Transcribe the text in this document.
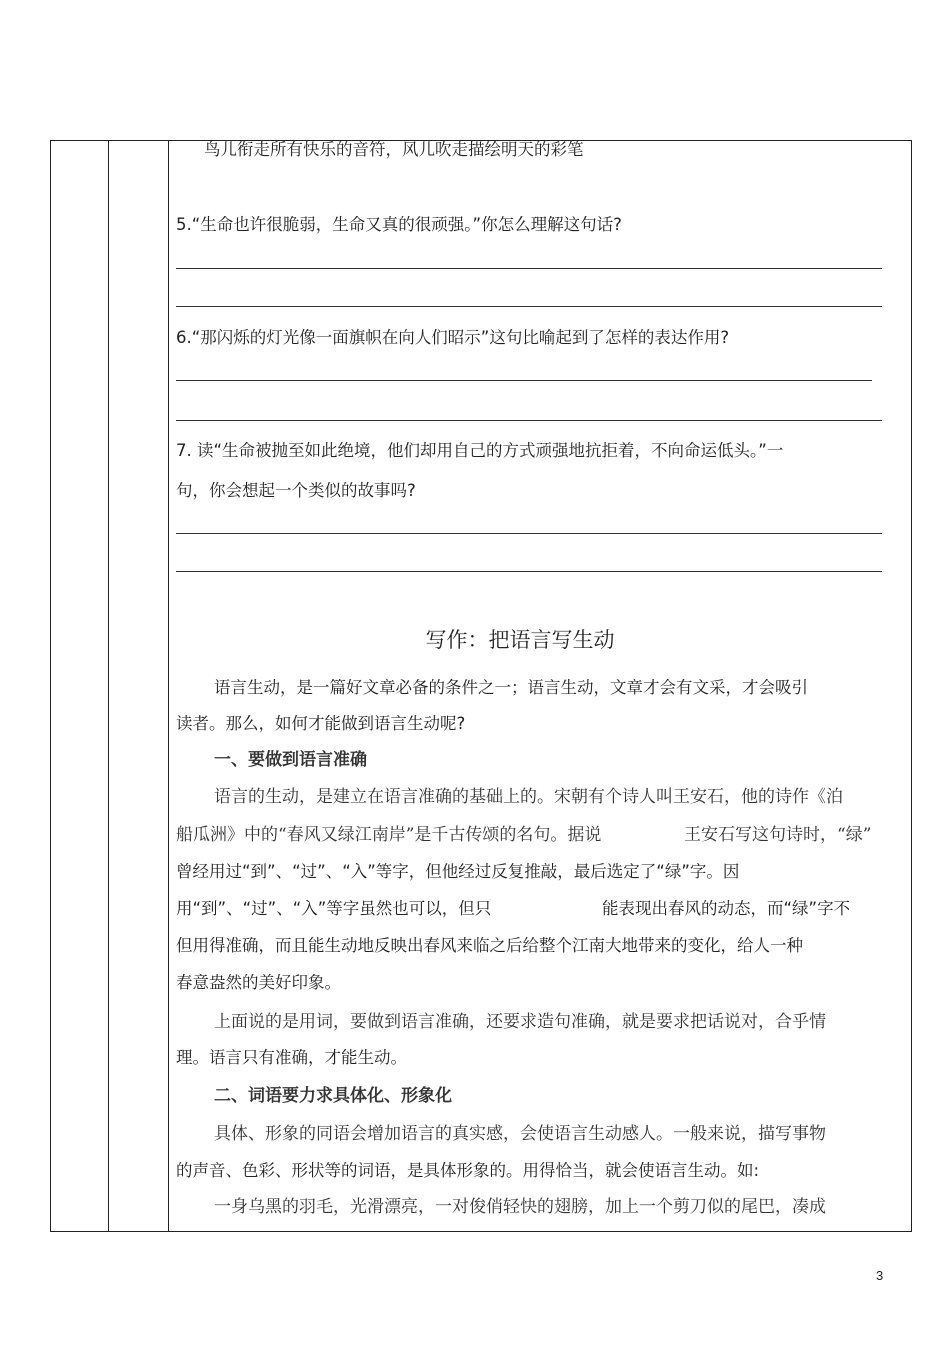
鸟儿衔走所有快乐的音符，风儿吹走描绘明天的彩笔
5.“生命也许很脆弱，生命又真的很顽强。”你怎么理解这句话?
6.“那闪烁的灯光像一面旗帜在向人们昭示”这句比喻起到了怎样的表达作用?
7. 读“生命被抛至如此绝境，他们却用自己的方式顽强地抗拒着，不向命运低头。”一
句，你会想起一个类似的故事吗?
写作：把语言写生动
语言生动，是一篇好文章必备的条件之一；语言生动，文章才会有文采，才会吸引
读者。那么，如何才能做到语言生动呢?
一、要做到语言准确
语言的生动，是建立在语言准确的基础上的。宋朝有个诗人叫王安石，他的诗作《泊
船瓜洲》中的“春风又绿江南岸”是千古传颂的名句。据说	王安石写这句诗时，“绿”
曾经用过“到”、“过”、“入”等字，但他经过反复推敲，最后选定了“绿”字。因
用“到”、“过”、“入”等字虽然也可以，但只	能表现出春风的动态，而“绿”字不
但用得准确，而且能生动地反映出春风来临之后给整个江南大地带来的变化，给人一种
春意盎然的美好印象。
上面说的是用词，要做到语言准确，还要求造句准确，就是要求把话说对，合乎情
理。语言只有准确，才能生动。
二、词语要力求具体化、形象化
具体、形象的同语会增加语言的真实感，会使语言生动感人。一般来说，描写事物
的声音、色彩、形状等的词语，是具体形象的。用得恰当，就会使语言生动。如:
一身乌黑的羽毛，光滑漂亮，一对俊俏轻快的翅膀，加上一个剪刀似的尾巴，凑成
3
